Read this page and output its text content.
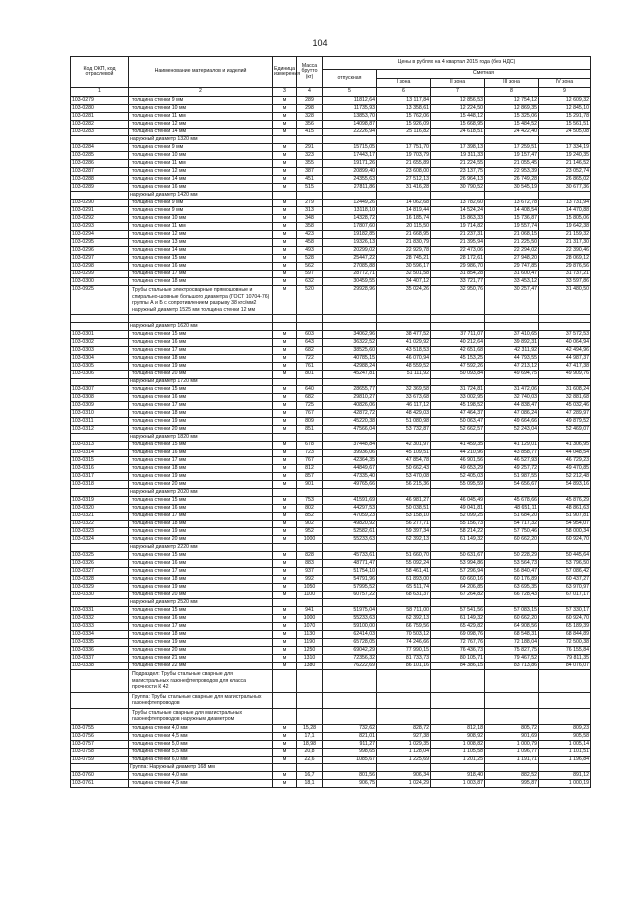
104
Код ОКП, код отраслевой	Наименование материалов и изделий	Единица измерения	Масса брутто (кг)	Цены в рублях на 4 квартал 2015 года (без НДС)				
				отпускная	Сметная			
					I зона	II зона	III зона	IV зона
1	2	3	4	5	6	7	8	9
103-0279	толщина стенки 9 мм	м	289	11812,64	13 117,84	12 856,53	12 754,12	12 609,32
103-0280	толщина стенки 10 мм	м	298	11735,93	13 358,61	12 224,50	12 869,35	12 845,10
103-0281	толщина стенки 11 мм	м	328	13853,70	15 762,06	15 448,12	15 325,06	15 291,78
103-0282	толщина стенки 12 мм	м	356	14098,87	15 926,09	15 668,95	15 484,52	15 561,51
103-0283	толщина стенки 14 мм	м	415	22226,94	25 116,82	24 618,51	24 422,40	24 505,08
	наружный диаметр 1320 мм							
103-0284	толщина стенки 9 мм	м	291	15715,05	17 751,70	17 398,13	17 259,51	17 334,19
103-0285	толщина стенки 10 мм	м	323	17443,17	19 703,79	19 311,33	19 157,47	19 240,35
103-0286	толщина стенки 11 мм	м	355	19171,26	21 655,89	21 224,55	21 055,45	21 146,52
103-0287	толщина стенки 12 мм	м	387	20899,40	23 608,00	23 137,75	22 953,39	23 052,74
103-0288	толщина стенки 14 мм	м	451	24355,63	27 512,13	26 964,13	26 749,28	26 865,02
103-0289	толщина стенки 16 мм	м	515	27811,86	31 416,28	30 790,52	30 545,19	30 677,36
	наружный диаметр 1420 мм							
103-0290	толщина стенки 9 мм	м	279	12449,26	14 062,68	13 782,60	13 672,78	13 731,94
103-0291	толщина стенки 9 мм	м	313	13118,10	14 819,44	14 524,24	14 408,54	14 470,88
103-0292	толщина стенки 10 мм	м	348	14328,72	16 185,74	15 863,33	15 736,87	15 805,06
103-0293	толщина стенки 11 мм	м	358	17807,60	20 115,50	19 714,82	19 557,74	19 642,38
103-0294	толщина стенки 12 мм	м	423	19182,85	21 668,95	21 237,31	21 068,15	21 159,32
103-0295	толщина стенки 13 мм	м	458	19326,13	21 830,79	21 395,94	21 225,50	21 317,30
103-0296	толщина стенки 14 мм	м	493	20299,02	22 929,78	22 473,06	22 294,02	22 390,46
103-0297	толщина стенки 15 мм	м	528	25447,22	28 745,21	28 172,61	27 948,20	28 069,12
103-0298	толщина стенки 16 мм	м	562	27085,88	30 596,17	29 986,70	29 747,85	29 876,56
103-0299	толщина стенки 17 мм	м	597	28772,71	32 501,58	31 854,28	31 600,47	31 737,21
103-0300	толщина стенки 18 мм	м	632	30459,55	34 407,12	33 721,77	33 453,12	33 597,86
103-0925	Трубы стальные электросварные прямошовные и спирально-шовные большого диаметра (ГОСТ 10704-76) группы А и Б с сопротивлением разрыву 38 кгс/мм2 наружный диаметр 1525 мм толщина стенки 12 мм	м	520	29928,96	35 024,26	32 950,76	30 257,47	31 480,50

	наружный диаметр 1620 мм							
103-0301	толщина стенки 15 мм	м	603	34062,96	38 477,52	37 711,07	37 410,65	37 572,53
103-0302	толщина стенки 16 мм	м	643	36322,52	41 029,92	40 212,64	39 892,31	40 064,94
103-0303	толщина стенки 17 мм	м	682	38525,60	43 518,53	42 651,68	42 311,92	42 494,96
103-0304	толщина стенки 18 мм	м	722	40785,15	46 070,94	45 153,25	44 793,55	44 987,37
103-0305	толщина стенки 19 мм	м	761	42988,24	48 559,52	47 592,26	47 213,12	47 417,38
103-0306	толщина стенки 20 мм	м	801	45247,81	51 111,92	50 093,84	49 694,75	49 909,76
	наружный диаметр 1720 мм							
103-0307	толщина стенки 15 мм	м	640	28655,77	32 369,58	31 724,81	31 472,06	31 608,24
103-0308	толщина стенки 16 мм	м	682	29810,27	33 673,68	33 002,95	32 740,03	32 881,68
103-0309	толщина стенки 17 мм	м	725	40826,06	46 117,12	45 198,52	44 838,47	45 032,46
103-0310	толщина стенки 18 мм	м	767	42872,72	48 429,03	47 464,37	47 086,24	47 289,97
103-0311	толщина стенки 19 мм	м	809	45220,38	51 080,98	50 063,47	49 664,66	49 879,52
103-0312	толщина стенки 20 мм	м	851	47566,04	53 732,87	52 662,57	52 243,04	52 469,07
	наружный диаметр 1820 мм							
103-0313	толщина стенки 15 мм	м	678	37448,84	42 301,97	41 459,35	41 129,01	41 306,95
103-0314	толщина стенки 16 мм	м	723	39936,06	45 109,51	44 210,96	43 858,77	44 048,54
103-0315	толщина стенки 17 мм	м	767	42364,35	47 854,78	46 901,56	46 527,93	46 729,23
103-0316	толщина стенки 18 мм	м	812	44849,67	50 662,43	49 653,29	49 257,72	49 470,85
103-0317	толщина стенки 19 мм	м	857	47335,40	53 470,08	52 405,03	51 987,55	52 212,48
103-0318	толщина стенки 20 мм	м	901	49765,66	56 215,36	55 095,59	54 656,67	54 893,16
	наружный диаметр 2020 мм							
103-0319	толщина стенки 15 мм	м	753	41591,69	46 981,27	46 045,49	45 678,66	45 876,29
103-0320	толщина стенки 16 мм	м	802	44297,53	50 038,51	49 041,81	48 651,11	48 861,63
103-0321	толщина стенки 17 мм	м	852	47059,23	53 158,10	52 099,25	51 684,20	51 907,81
103-0322	толщина стенки 18 мм	м	902	49820,92	56 277,71	55 156,73	54 717,32	54 954,07
103-0323	толщина стенки 19 мм	м	952	52582,61	59 397,34	58 214,22	57 750,46	58 000,34
103-0324	толщина стенки 20 мм	м	1000	55233,63	62 392,13	61 149,32	60 662,20	60 924,70
	наружный диаметр 2220 мм							
103-0325	толщина стенки 15 мм	м	828	45733,61	51 660,70	50 631,67	50 228,29	50 445,64
103-0326	толщина стенки 16 мм	м	883	48771,47	55 092,24	53 994,86	53 564,73	53 796,50
103-0327	толщина стенки 17 мм	м	937	51754,10	58 461,41	57 296,94	56 840,47	57 086,42
103-0328	толщина стенки 18 мм	м	992	54791,96	61 893,00	60 660,16	60 176,89	60 437,27
103-0329	толщина стенки 19 мм	м	1050	57995,52	65 511,74	64 206,85	63 695,35	63 970,97
103-0330	толщина стенки 20 мм	м	1100	60757,22	68 631,37	67 264,82	66 728,43	67 017,17
	наружный диаметр 2520 мм							
103-0331	толщина стенки 15 мм	м	941	51975,04	58 711,00	57 541,56	57 083,15	57 330,17
103-0332	толщина стенки 16 мм	м	1000	55233,63	62 392,13	61 149,32	60 662,20	60 924,70
103-0333	толщина стенки 17 мм	м	1070	59100,00	66 759,56	65 429,82	64 908,56	65 189,39
103-0334	толщина стенки 18 мм	м	1130	62414,03	70 503,12	69 098,76	68 548,31	68 844,89
103-0335	толщина стенки 19 мм	м	1190	65728,05	74 246,66	72 767,76	72 188,04	72 500,38
103-0336	толщина стенки 20 мм	м	1250	69042,29	77 990,15	76 436,73	75 827,75	76 155,84
103-0337	толщина стенки 21 мм	м	1310	72356,32	81 733,73	80 105,71	79 467,52	79 811,35
103-0338	толщина стенки 22 мм	м	1380	76222,69	86 101,16	84 386,15	83 713,86	84 076,07
	Подраздел: Трубы стальные сварные для магистральных газонефтепроводов для класса прочности К 42							
	Группа: Трубы стальные сварные для магистральных газонефтепроводов							
	Трубы стальные сварные для магистральных газонефтепроводов наружным диаметром							
103-0755	толщина стенки 4,0 мм	м	15,28	732,62	828,72	812,18	805,72	809,23
103-0756	толщина стенки 4,5 мм	м	17,1	821,01	927,38	908,92	901,69	905,58
103-0757	толщина стенки 5,0 мм	м	18,98	911,27	1 029,35	1 008,82	1 000,79	1 005,14
103-0758	толщина стенки 5,5 мм	м	20,8	998,65	1 128,04	1 105,58	1 096,77	1 101,51
103-0759	толщина стенки 6,0 мм	м	22,6	1085,67	1 225,69	1 201,25	1 191,71	1 196,84
	Группа: Наружный диаметр 168 мм							
103-0760	толщина стенки 4,0 мм	м	16,7	801,56	906,34	918,40	882,52	891,12
103-0761	толщина стенки 4,5 мм	м	18,1	906,75	1 024,29	1 003,87	995,87	1 000,19
